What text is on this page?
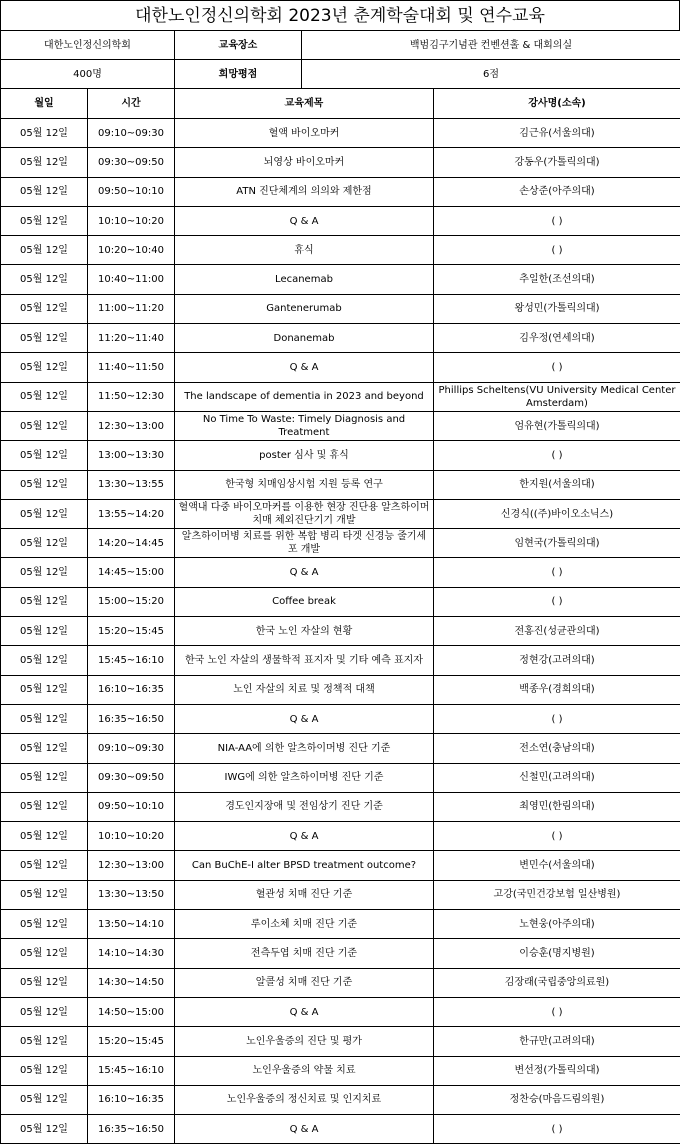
대한노인정신의학회 2023년 춘계학술대회 및 연수교육
대한노인정신의학회	교육장소	백범김구기념관 컨벤션홀 & 대회의실
400명	희망평점	6점
월일	시간	교육제목	강사명(소속)
05월 12일	09:10~09:30	혈액 바이오마커	김근유(서울의대)
05월 12일	09:30~09:50	뇌영상 바이오마커	강동우(가톨릭의대)
05월 12일	09:50~10:10	ATN 진단체계의 의의와 제한점	손상준(아주의대)
05월 12일	10:10~10:20	Q & A	( )
05월 12일	10:20~10:40	휴식	( )
05월 12일	10:40~11:00	Lecanemab	추일한(조선의대)
05월 12일	11:00~11:20	Gantenerumab	왕성민(가톨릭의대)
05월 12일	11:20~11:40	Donanemab	김우정(연세의대)
05월 12일	11:40~11:50	Q & A	( )
05월 12일	11:50~12:30	The landscape of dementia in 2023 and beyond	Phillips Scheltens(VU University Medical Center Amsterdam)
05월 12일	12:30~13:00	No Time To Waste: Timely Diagnosis and Treatment	엄유현(가톨릭의대)
05월 12일	13:00~13:30	poster 심사 및 휴식	( )
05월 12일	13:30~13:55	한국형 치매임상시험 지원 등록 연구	한지원(서울의대)
05월 12일	13:55~14:20	혈액내 다중 바이오마커를 이용한 현장 진단용 알츠하이머 치매 체외진단기기 개발	신경식((주)바이오소닉스)
05월 12일	14:20~14:45	알츠하이머병 치료를 위한 복합 병리 타겟 신경능 줄기세포 개발	임현국(가톨릭의대)
05월 12일	14:45~15:00	Q & A	( )
05월 12일	15:00~15:20	Coffee break	( )
05월 12일	15:20~15:45	한국 노인 자살의 현황	전홍진(성균관의대)
05월 12일	15:45~16:10	한국 노인 자살의 생물학적 표지자 및 기타 예측 표지자	정현강(고려의대)
05월 12일	16:10~16:35	노인 자살의 치료 및 정책적 대책	백종우(경희의대)
05월 12일	16:35~16:50	Q & A	( )
05월 12일	09:10~09:30	NIA-AA에 의한 알츠하이머병 진단 기준	전소연(충남의대)
05월 12일	09:30~09:50	IWG에 의한 알츠하이머병 진단 기준	신철민(고려의대)
05월 12일	09:50~10:10	경도인지장애 및 전임상기 진단 기준	최영민(한림의대)
05월 12일	10:10~10:20	Q & A	( )
05월 12일	12:30~13:00	Can BuChE-I alter BPSD treatment outcome?	변민수(서울의대)
05월 12일	13:30~13:50	혈관성 치매 진단 기준	고강(국민건강보험 일산병원)
05월 12일	13:50~14:10	루이소체 치매 진단 기준	노현웅(아주의대)
05월 12일	14:10~14:30	전측두엽 치매 진단 기준	이승훈(명지병원)
05월 12일	14:30~14:50	알콜성 치매 진단 기준	김장래(국립중앙의료원)
05월 12일	14:50~15:00	Q & A	( )
05월 12일	15:20~15:45	노인우울증의 진단 및 평가	한규만(고려의대)
05월 12일	15:45~16:10	노인우울증의 약물 치료	변선정(가톨릭의대)
05월 12일	16:10~16:35	노인우울증의 정신치료 및 인지치료	정찬승(마음드림의원)
05월 12일	16:35~16:50	Q & A	( )
